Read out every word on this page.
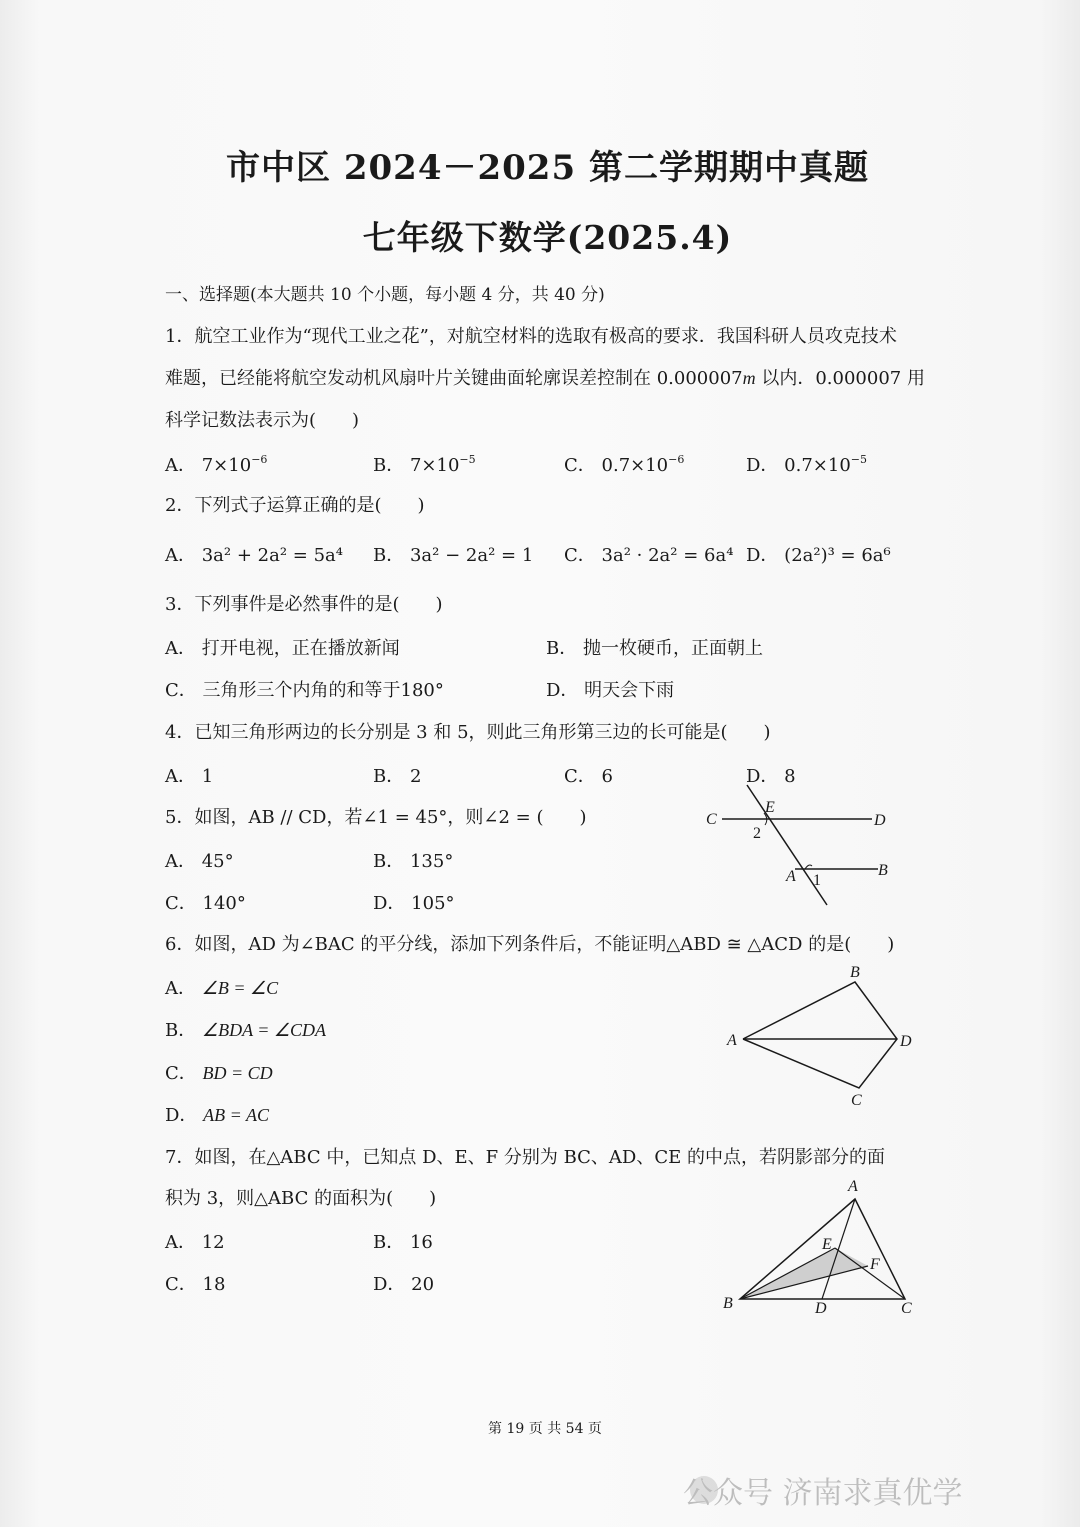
市中区 2024－2025 第二学期期中真题
七年级下数学(2025.4)
一、选择题(本大题共 10 个小题，每小题 4 分，共 40 分)
1．航空工业作为“现代工业之花”，对航空材料的选取有极高的要求．我国科研人员攻克技术
难题，已经能将航空发动机风扇叶片关键曲面轮廓误差控制在 0.000007m 以内．0.000007 用
科学记数法表示为(　　)
A． $7\times 10^{-6}$	B． $7\times 10^{-5}$	C． $0.7\times 10^{-6}$	D． $0.7\times 10^{-5}$
2．下列式子运算正确的是(　　)
A． 3a² + 2a² = 5a⁴ B． 3a² − 2a² = 1 C． 3a² · 2a² = 6a⁴ D． (2a²)³ = 6a⁶
3．下列事件是必然事件的是(　　)
A． 打开电视，正在播放新闻	B． 抛一枚硬币，正面朝上
C． 三角形三个内角的和等于180°	D． 明天会下雨
4．已知三角形两边的长分别是 3 和 5，则此三角形第三边的长可能是(　　)
A． 1	B． 2	C． 6	D． 8
5．如图，AB // CD，若∠1 = 45°，则∠2 = (　　)
A． 45°	B． 135°
C． 140°	D． 105°
C
E
D
2
A 1
B
6．如图，AD 为∠BAC 的平分线，添加下列条件后，不能证明△ABD ≅ △ACD 的是(　　)
A． ∠B = ∠C
B． ∠BDA = ∠CDA
C． BD = CD
D． AB = AC
A
B
D
C
7．如图，在△ABC 中，已知点 D、E、F 分别为 BC、AD、CE 的中点，若阴影部分的面
积为 3，则△ABC 的面积为(　　)
A． 12	B． 16
C． 18	D． 20
A
E
F
B	D	C
第 19 页 共 54 页
公众号 济南求真优学
